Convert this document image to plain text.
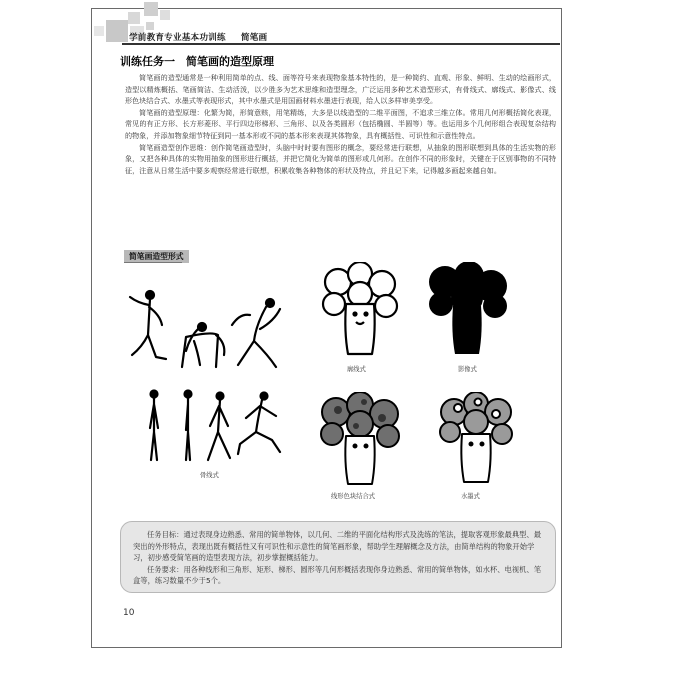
学前教育专业基本功训练 简笔画
训练任务一　简笔画的造型原理

简笔画的造型通常是一种利用简单的点、线、面等符号来表现物象基本特性的，是一种简约、直观、形象、鲜明、生动的绘画形式，造型以精炼概括、笔画简洁、生动活泼，以少胜多为艺术思维和造型理念，广泛运用多种艺术造型形式，有骨线式、廓线式、影像式、线形色块结合式、水墨式等表现形式，其中水墨式是用国画材料水墨进行表现，给人以多样审美享受。

简笔画的造型原理：化繁为简，形简意赅，用笔精练，大多是以线造型的二维平面图，不追求三维立体。常用几何形概括简化表现，常见的有正方形、长方形菱形、平行四边形梯形、三角形、以及各类圆形（包括椭圆、半圆等）等。也运用多个几何形组合表现复杂结构的物象，并添加物象细节特征到同一基本形或不同的基本形来表现其体物象，具有概括性、可识性和示意性特点。

简笔画造型创作思维：创作简笔画造型时，头脑中时时要有图形的概念，要经常进行联想，从抽象的图形联想到具体的生活实物的形象，又把各种具体的实物用抽象的图形进行概括，并把它简化为简单的图形或几何形。在创作不同的形象时，关键在于区别事物的不同特征，注意从日常生活中要多观察经常进行联想，积累收集各种物体的形状及特点，并且记下来，记得越多画起来越自如。

简笔画造型形式
骨线式
廓线式	影像式
线形色块结合式	水墨式

任务目标：通过表现身边熟悉、常用的简单物体，以几何、二维的平面化结构形式及洗练的笔法，提取客观形象最典型、最突出的外形特点，表现出既有概括性又有可识性和示意性的简笔画形象，帮助学生理解概念及方法，由简单结构的物象开始学习，初步感受简笔画的造型表现方法，初步掌握概括能力。

任务要求：用各种线形和三角形、矩形、梯形、圆形等几何形概括表现你身边熟悉、常用的简单物体，如水杯、电视机、笔盒等，练习数量不少于5个。

10
